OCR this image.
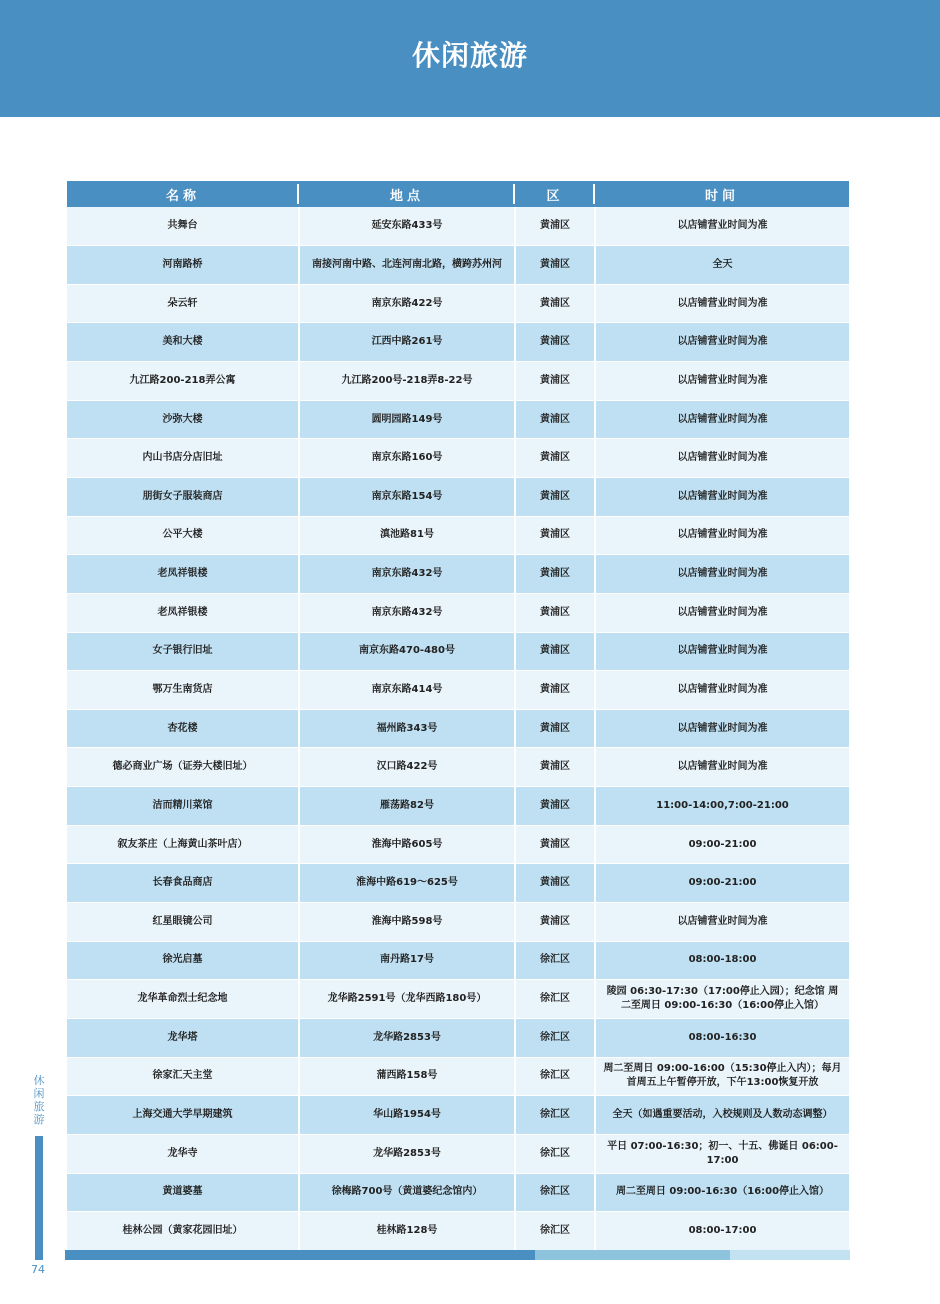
休闲旅游
名称	地点	区	时间
共舞台	延安东路433号	黄浦区	以店铺营业时间为准
河南路桥	南接河南中路、北连河南北路，横跨苏州河	黄浦区	全天
朵云轩	南京东路422号	黄浦区	以店铺营业时间为准
美和大楼	江西中路261号	黄浦区	以店铺营业时间为准
九江路200-218弄公寓	九江路200号-218弄8-22号	黄浦区	以店铺营业时间为准
沙弥大楼	圆明园路149号	黄浦区	以店铺营业时间为准
内山书店分店旧址	南京东路160号	黄浦区	以店铺营业时间为准
朋街女子服装商店	南京东路154号	黄浦区	以店铺营业时间为准
公平大楼	滇池路81号	黄浦区	以店铺营业时间为准
老凤祥银楼	南京东路432号	黄浦区	以店铺营业时间为准
老凤祥银楼	南京东路432号	黄浦区	以店铺营业时间为准
女子银行旧址	南京东路470-480号	黄浦区	以店铺营业时间为准
鄂万生南货店	南京东路414号	黄浦区	以店铺营业时间为准
杏花楼	福州路343号	黄浦区	以店铺营业时间为准
德必商业广场（证券大楼旧址）	汉口路422号	黄浦区	以店铺营业时间为准
洁而精川菜馆	雁荡路82号	黄浦区	11:00-14:00,7:00-21:00
叙友茶庄（上海黄山茶叶店）	淮海中路605号	黄浦区	09:00-21:00
长春食品商店	淮海中路619～625号	黄浦区	09:00-21:00
红星眼镜公司	淮海中路598号	黄浦区	以店铺营业时间为准
徐光启墓	南丹路17号	徐汇区	08:00-18:00
龙华革命烈士纪念地	龙华路2591号（龙华西路180号）	徐汇区	陵园 06:30-17:30（17:00停止入园）；纪念馆 周二至周日 09:00-16:30（16:00停止入馆）
龙华塔	龙华路2853号	徐汇区	08:00-16:30
徐家汇天主堂	蒲西路158号	徐汇区	周二至周日 09:00-16:00（15:30停止入内）；每月首周五上午暂停开放，下午13:00恢复开放
上海交通大学早期建筑	华山路1954号	徐汇区	全天（如遇重要活动，入校规则及人数动态调整）
龙华寺	龙华路2853号	徐汇区	平日 07:00-16:30；初一、十五、佛诞日 06:00-17:00
黄道婆墓	徐梅路700号（黄道婆纪念馆内）	徐汇区	周二至周日 09:00-16:30（16:00停止入馆）
桂林公园（黄家花园旧址）	桂林路128号	徐汇区	08:00-17:00
休闲旅游
74
